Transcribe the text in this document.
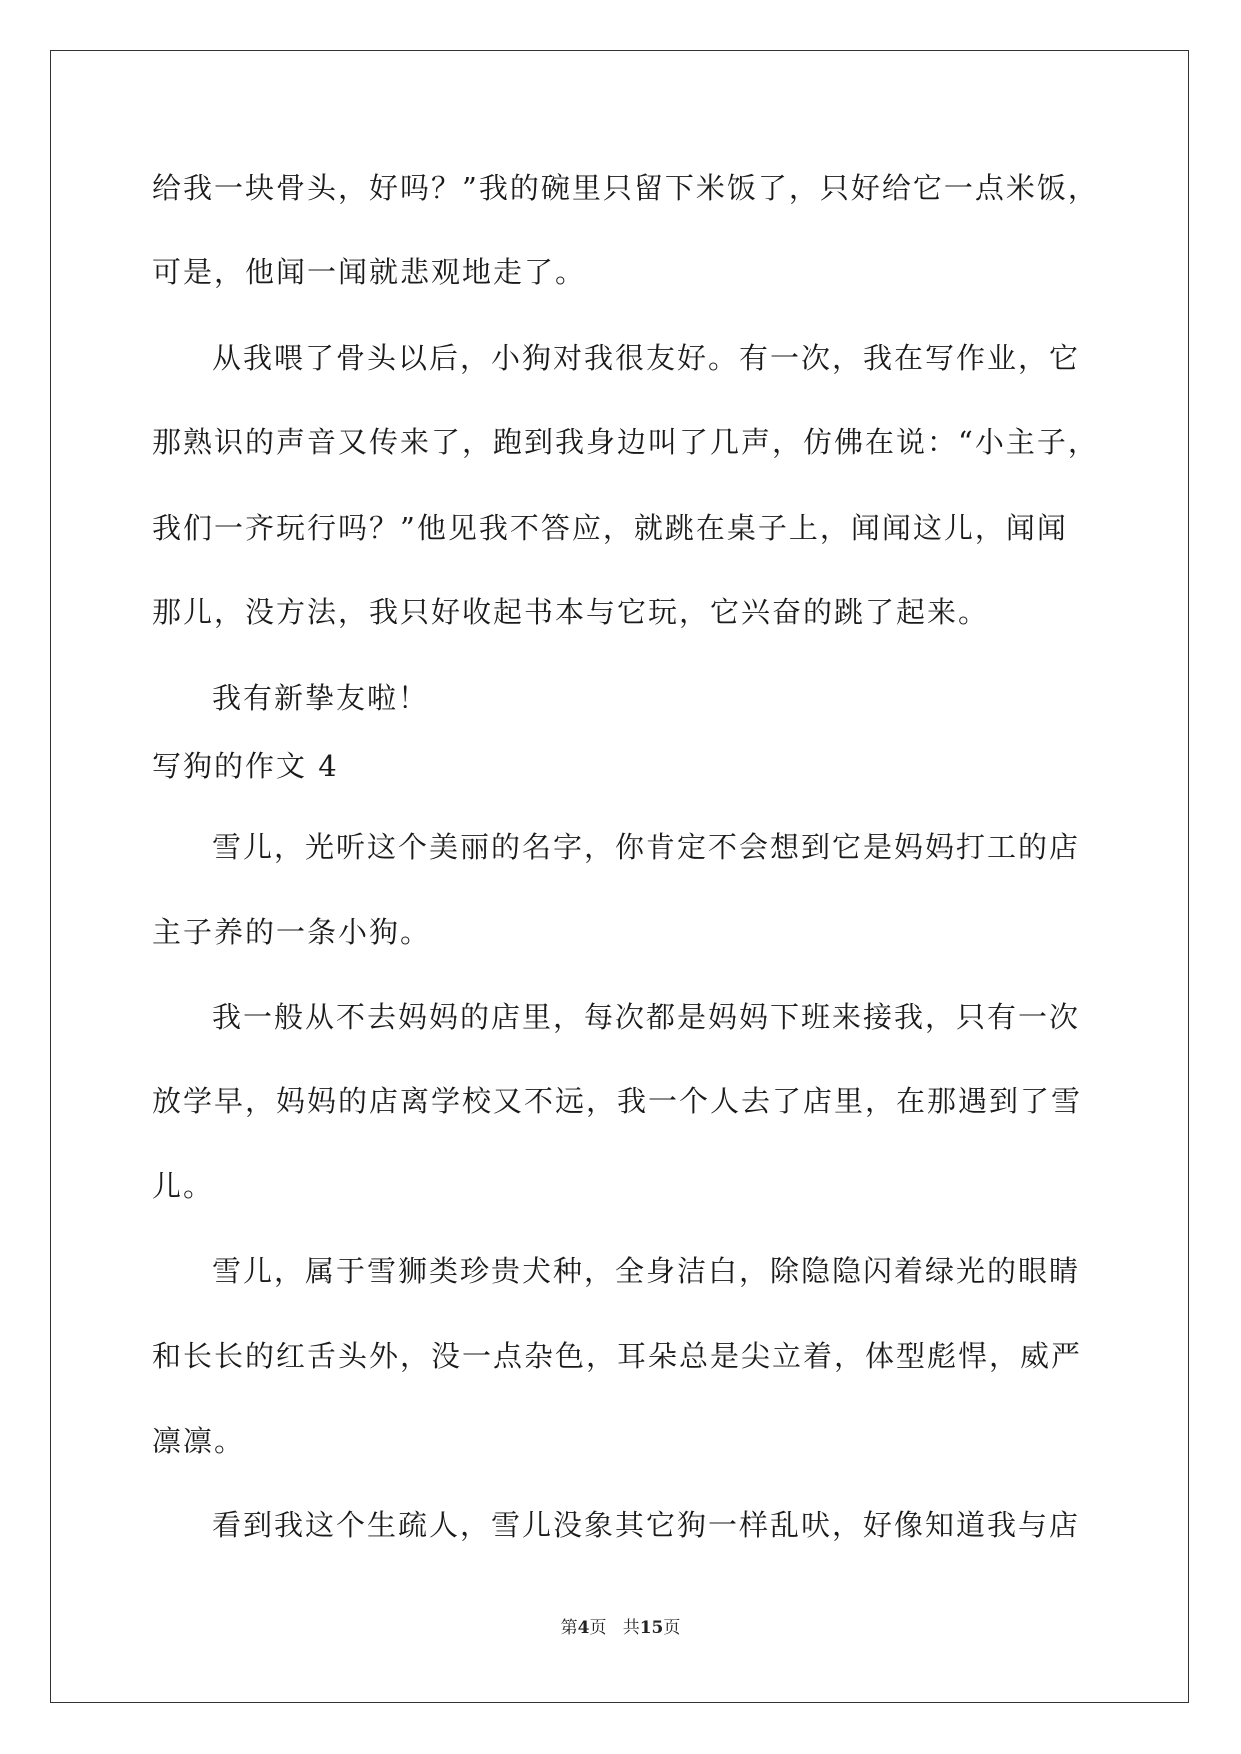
给我一块骨头，好吗？”我的碗里只留下米饭了，只好给它一点米饭，
可是，他闻一闻就悲观地走了。
从我喂了骨头以后，小狗对我很友好。有一次，我在写作业，它
那熟识的声音又传来了，跑到我身边叫了几声，仿佛在说：“小主子，
我们一齐玩行吗？”他见我不答应，就跳在桌子上，闻闻这儿，闻闻
那儿，没方法，我只好收起书本与它玩，它兴奋的跳了起来。
我有新挚友啦！
写狗的作文 4
雪儿，光听这个美丽的名字，你肯定不会想到它是妈妈打工的店
主子养的一条小狗。
我一般从不去妈妈的店里，每次都是妈妈下班来接我，只有一次
放学早，妈妈的店离学校又不远，我一个人去了店里，在那遇到了雪
儿。
雪儿，属于雪狮类珍贵犬种，全身洁白，除隐隐闪着绿光的眼睛
和长长的红舌头外，没一点杂色，耳朵总是尖立着，体型彪悍，威严
凛凛。
看到我这个生疏人，雪儿没象其它狗一样乱吠，好像知道我与店
第4页 共15页
